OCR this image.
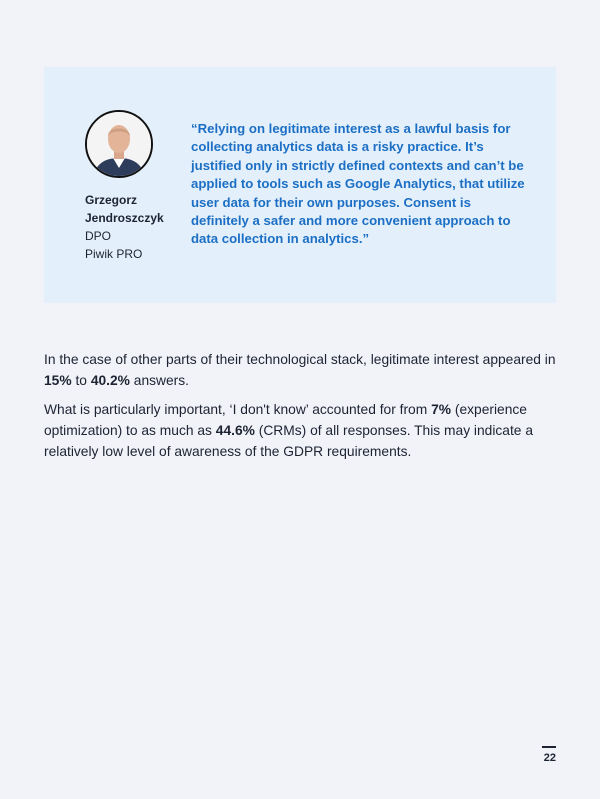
Grzegorz
Jendroszczyk
DPO
Piwik PRO

“Relying on legitimate interest as a lawful basis for collecting analytics data is a risky practice. It’s justified only in strictly defined contexts and can’t be applied to tools such as Google Analytics, that utilize user data for their own purposes. Consent is definitely a safer and more convenient approach to data collection in analytics.”

In the case of other parts of their technological stack, legitimate interest appeared in 15% to 40.2% answers.

What is particularly important, ‘I don't know’ accounted for from 7% (experience optimization) to as much as 44.6% (CRMs) of all responses. This may indicate a relatively low level of awareness of the GDPR requirements.

22
